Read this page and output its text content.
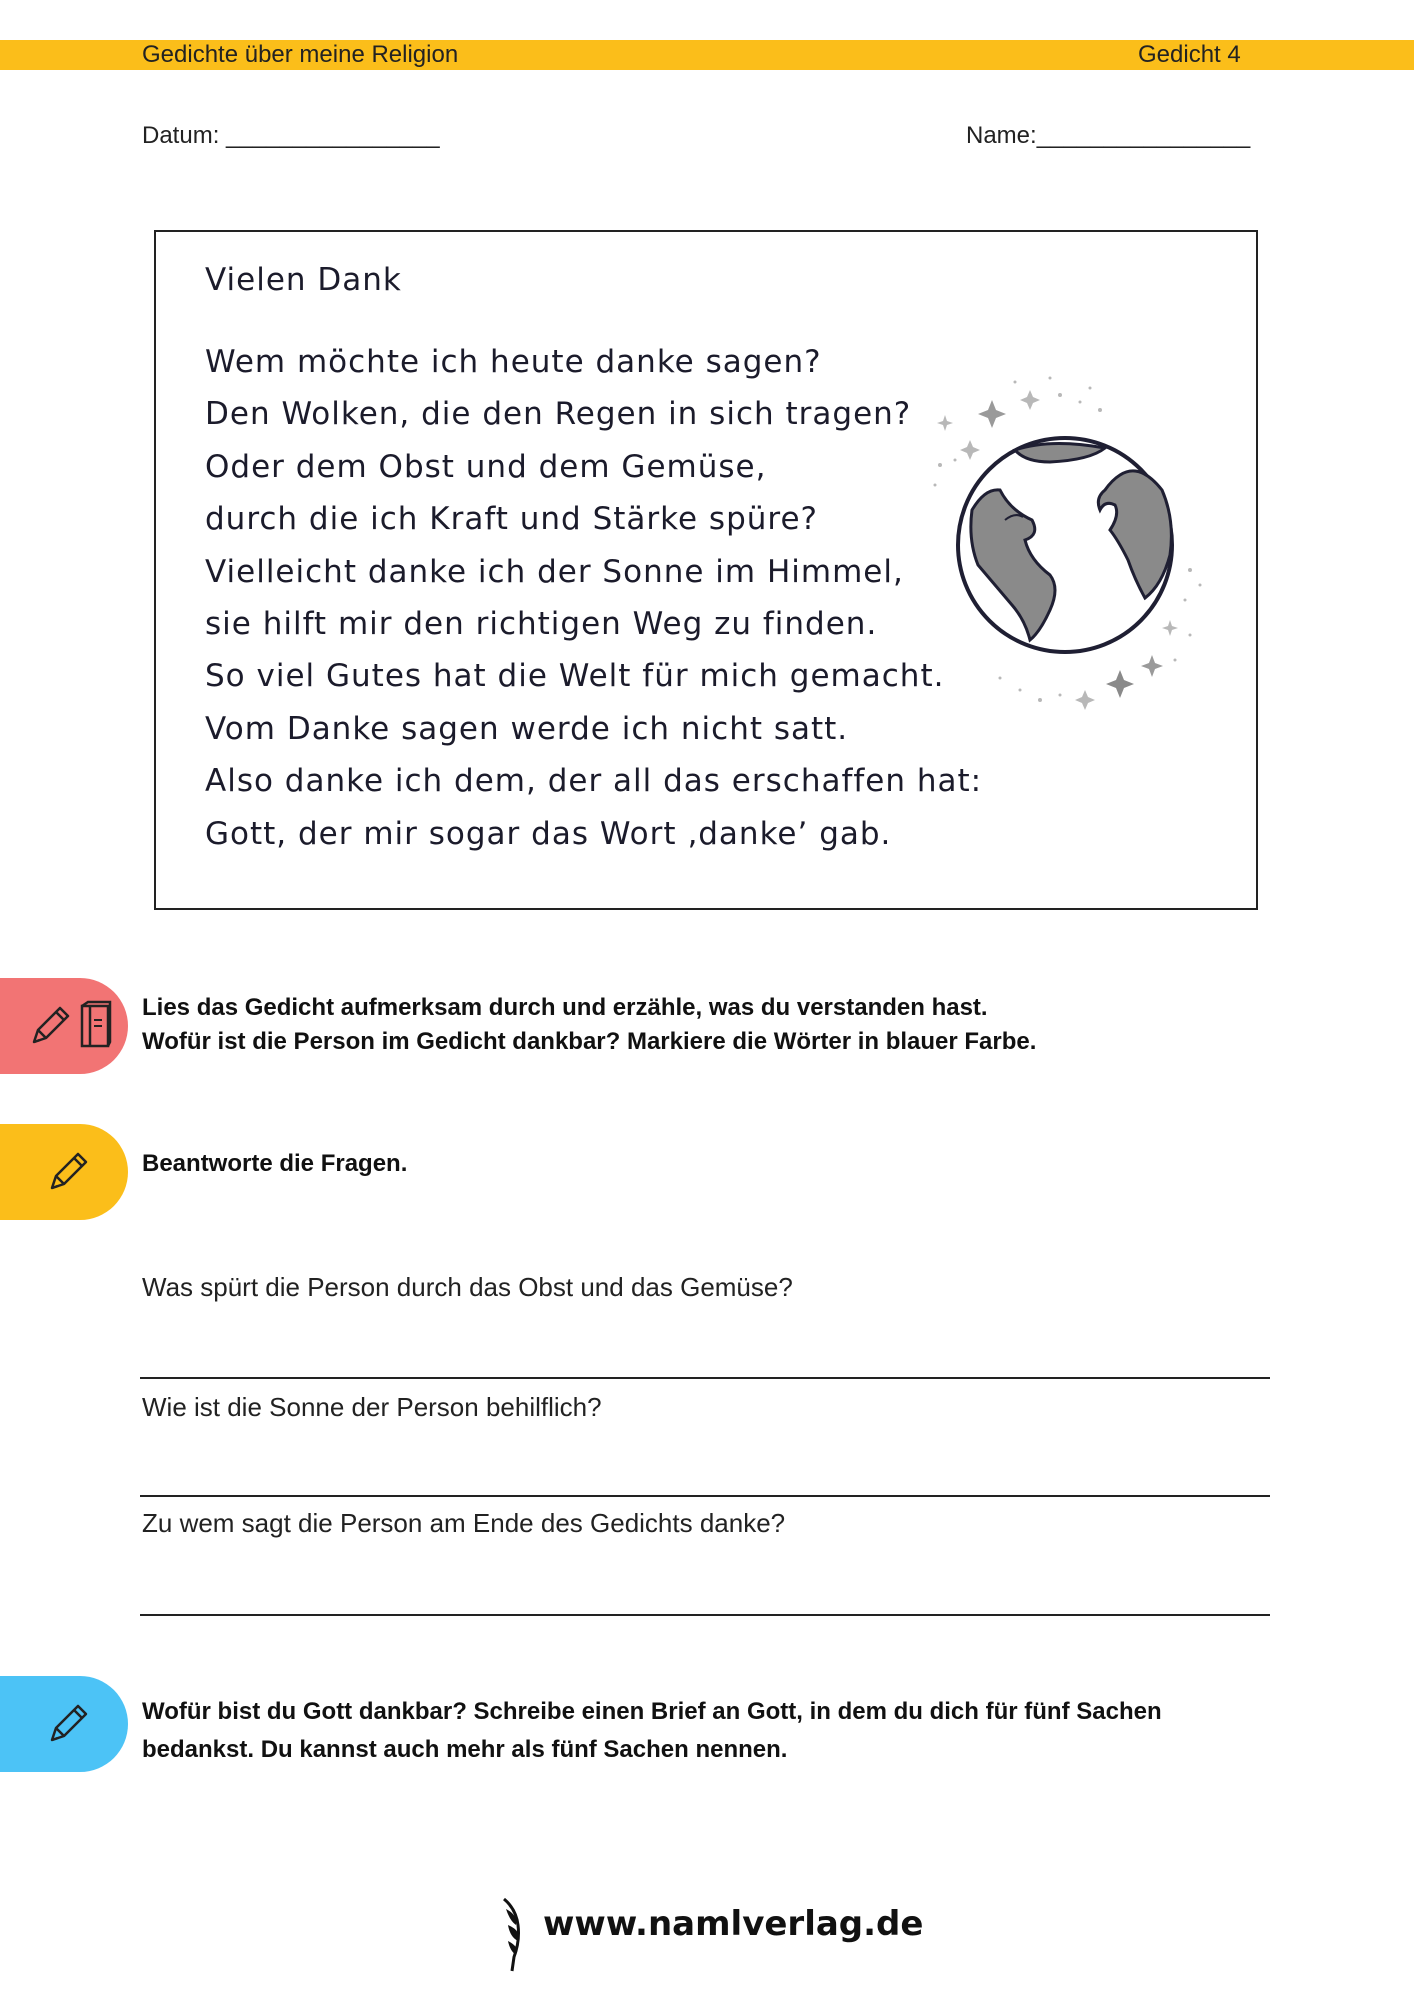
Gedichte über meine Religion	Gedicht 4
Datum: ________________	Name:________________
Vielen Dank
Wem möchte ich heute danke sagen?
Den Wolken, die den Regen in sich tragen?
Oder dem Obst und dem Gemüse,
durch die ich Kraft und Stärke spüre?
Vielleicht danke ich der Sonne im Himmel,
sie hilft mir den richtigen Weg zu finden.
So viel Gutes hat die Welt für mich gemacht.
Vom Danke sagen werde ich nicht satt.
Also danke ich dem, der all das erschaffen hat:
Gott, der mir sogar das Wort ‚danke’ gab.
Lies das Gedicht aufmerksam durch und erzähle, was du verstanden hast.
Wofür ist die Person im Gedicht dankbar? Markiere die Wörter in blauer Farbe.
Beantworte die Fragen.
Was spürt die Person durch das Obst und das Gemüse?
Wie ist die Sonne der Person behilflich?
Zu wem sagt die Person am Ende des Gedichts danke?
Wofür bist du Gott dankbar? Schreibe einen Brief an Gott, in dem du dich für fünf Sachen
bedankst. Du kannst auch mehr als fünf Sachen nennen.
www.namlverlag.de
